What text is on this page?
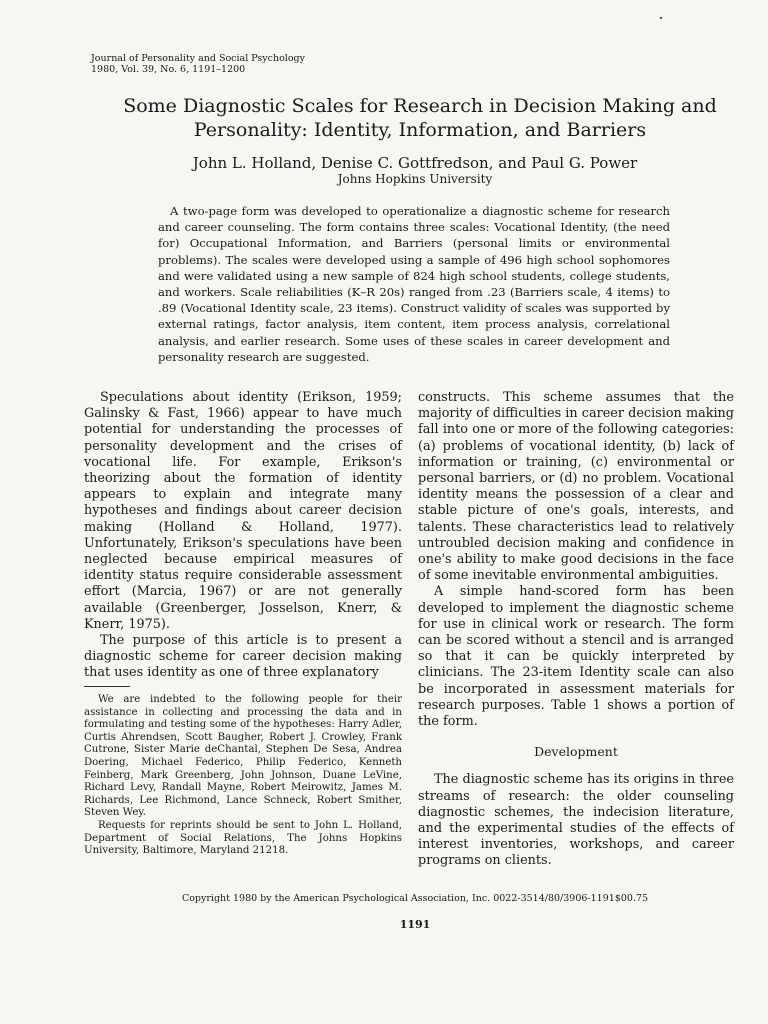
Journal of Personality and Social Psychology
1980, Vol. 39, No. 6, 1191–1200
Some Diagnostic Scales for Research in Decision Making and Personality: Identity, Information, and Barriers
John L. Holland, Denise C. Gottfredson, and Paul G. Power
Johns Hopkins University

A two-page form was developed to operationalize a diagnostic scheme for research and career counseling. The form contains three scales: Vocational Identity, (the need for) Occupational Information, and Barriers (personal limits or environmental problems). The scales were developed using a sample of 496 high school sophomores and were validated using a new sample of 824 high school students, college students, and workers. Scale reliabilities (K–R 20s) ranged from .23 (Barriers scale, 4 items) to .89 (Vocational Identity scale, 23 items). Construct validity of scales was supported by external ratings, factor analysis, item content, item process analysis, correlational analysis, and earlier research. Some uses of these scales in career development and personality research are suggested.

Speculations about identity (Erikson, 1959; Galinsky & Fast, 1966) appear to have much potential for understanding the processes of personality development and the crises of vocational life. For example, Erikson's theorizing about the formation of identity appears to explain and integrate many hypotheses and findings about career decision making (Holland & Holland, 1977). Unfortunately, Erikson's speculations have been neglected because empirical measures of identity status require considerable assessment effort (Marcia, 1967) or are not generally available (Greenberger, Josselson, Knerr, & Knerr, 1975).

The purpose of this article is to present a diagnostic scheme for career decision making that uses identity as one of three explanatory

We are indebted to the following people for their assistance in collecting and processing the data and in formulating and testing some of the hypotheses: Harry Adler, Curtis Ahrendsen, Scott Baugher, Robert J. Crowley, Frank Cutrone, Sister Marie deChantal, Stephen De Sesa, Andrea Doering, Michael Federico, Philip Federico, Kenneth Feinberg, Mark Greenberg, John Johnson, Duane LeVine, Richard Levy, Randall Mayne, Robert Meirowitz, James M. Richards, Lee Richmond, Lance Schneck, Robert Smither, Steven Wey.

Requests for reprints should be sent to John L. Holland, Department of Social Relations, The Johns Hopkins University, Baltimore, Maryland 21218.

constructs. This scheme assumes that the majority of difficulties in career decision making fall into one or more of the following categories: (a) problems of vocational identity, (b) lack of information or training, (c) environmental or personal barriers, or (d) no problem. Vocational identity means the possession of a clear and stable picture of one's goals, interests, and talents. These characteristics lead to relatively untroubled decision making and confidence in one's ability to make good decisions in the face of some inevitable environmental ambiguities.

A simple hand-scored form has been developed to implement the diagnostic scheme for use in clinical work or research. The form can be scored without a stencil and is arranged so that it can be quickly interpreted by clinicians. The 23-item Identity scale can also be incorporated in assessment materials for research purposes. Table 1 shows a portion of the form.

Development

The diagnostic scheme has its origins in three streams of research: the older counseling diagnostic schemes, the indecision literature, and the experimental studies of the effects of interest inventories, workshops, and career programs on clients.

Copyright 1980 by the American Psychological Association, Inc. 0022-3514/80/3906-1191$00.75
1191
